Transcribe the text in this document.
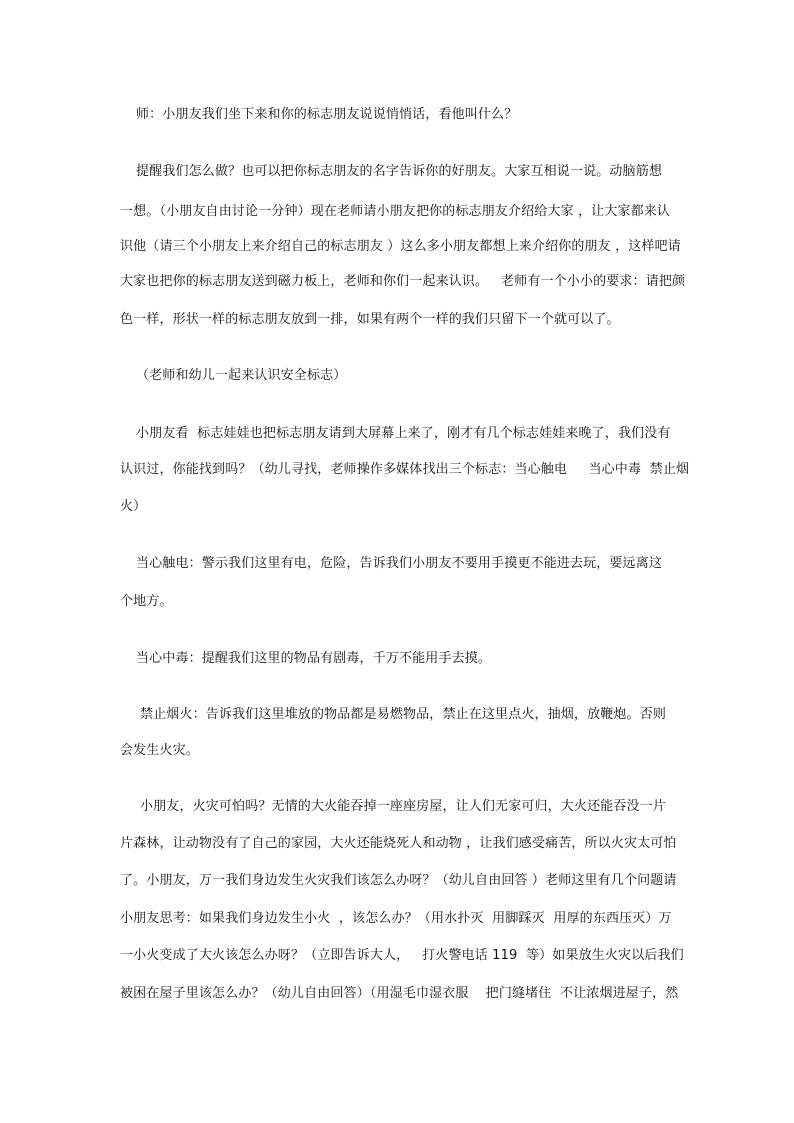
师：小朋友我们坐下来和你的标志朋友说说悄悄话，看他叫什么？
提醒我们怎么做？也可以把你标志朋友的名字告诉你的好朋友。大家互相说一说。动脑筋想
一想。（小朋友自由讨论一分钟）现在老师请小朋友把你的标志朋友介绍给大家 ，让大家都来认
识他（请三个小朋友上来介绍自己的标志朋友 ）这么多小朋友都想上来介绍你的朋友 ，这样吧请
大家也把你的标志朋友送到磁力板上，老师和你们一起来认识。   老师有一个小小的要求：请把颜
色一样，形状一样的标志朋友放到一排，如果有两个一样的我们只留下一个就可以了。
（老师和幼儿一起来认识安全标志）
小朋友看  标志娃娃也把标志朋友请到大屏幕上来了，刚才有几个标志娃娃来晚了，我们没有
认识过，你能找到吗？（幼儿寻找，老师操作多媒体找出三个标志：当心触电     当心中毒  禁止烟
火）
当心触电：警示我们这里有电，危险，告诉我们小朋友不要用手摸更不能进去玩，要远离这
个地方。
当心中毒：提醒我们这里的物品有剧毒，千万不能用手去摸。
禁止烟火：告诉我们这里堆放的物品都是易燃物品，禁止在这里点火，抽烟，放鞭炮。否则
会发生火灾。
小朋友，火灾可怕吗？无情的大火能吞掉一座座房屋，让人们无家可归，大火还能吞没一片
片森林，让动物没有了自己的家园，大火还能烧死人和动物 ，让我们感受痛苦，所以火灾太可怕
了。小朋友，万一我们身边发生火灾我们该怎么办呀？（幼儿自由回答 ）老师这里有几个问题请
小朋友思考：如果我们身边发生小火  ，该怎么办？（用水扑灭  用脚踩灭  用厚的东西压灭）万
一小火变成了大火该怎么办呀？（立即告诉大人，   打火警电话 119  等）如果放生火灾以后我们
被困在屋子里该怎么办？（幼儿自由回答）（用湿毛巾湿衣服    把门缝堵住  不让浓烟进屋子，然
